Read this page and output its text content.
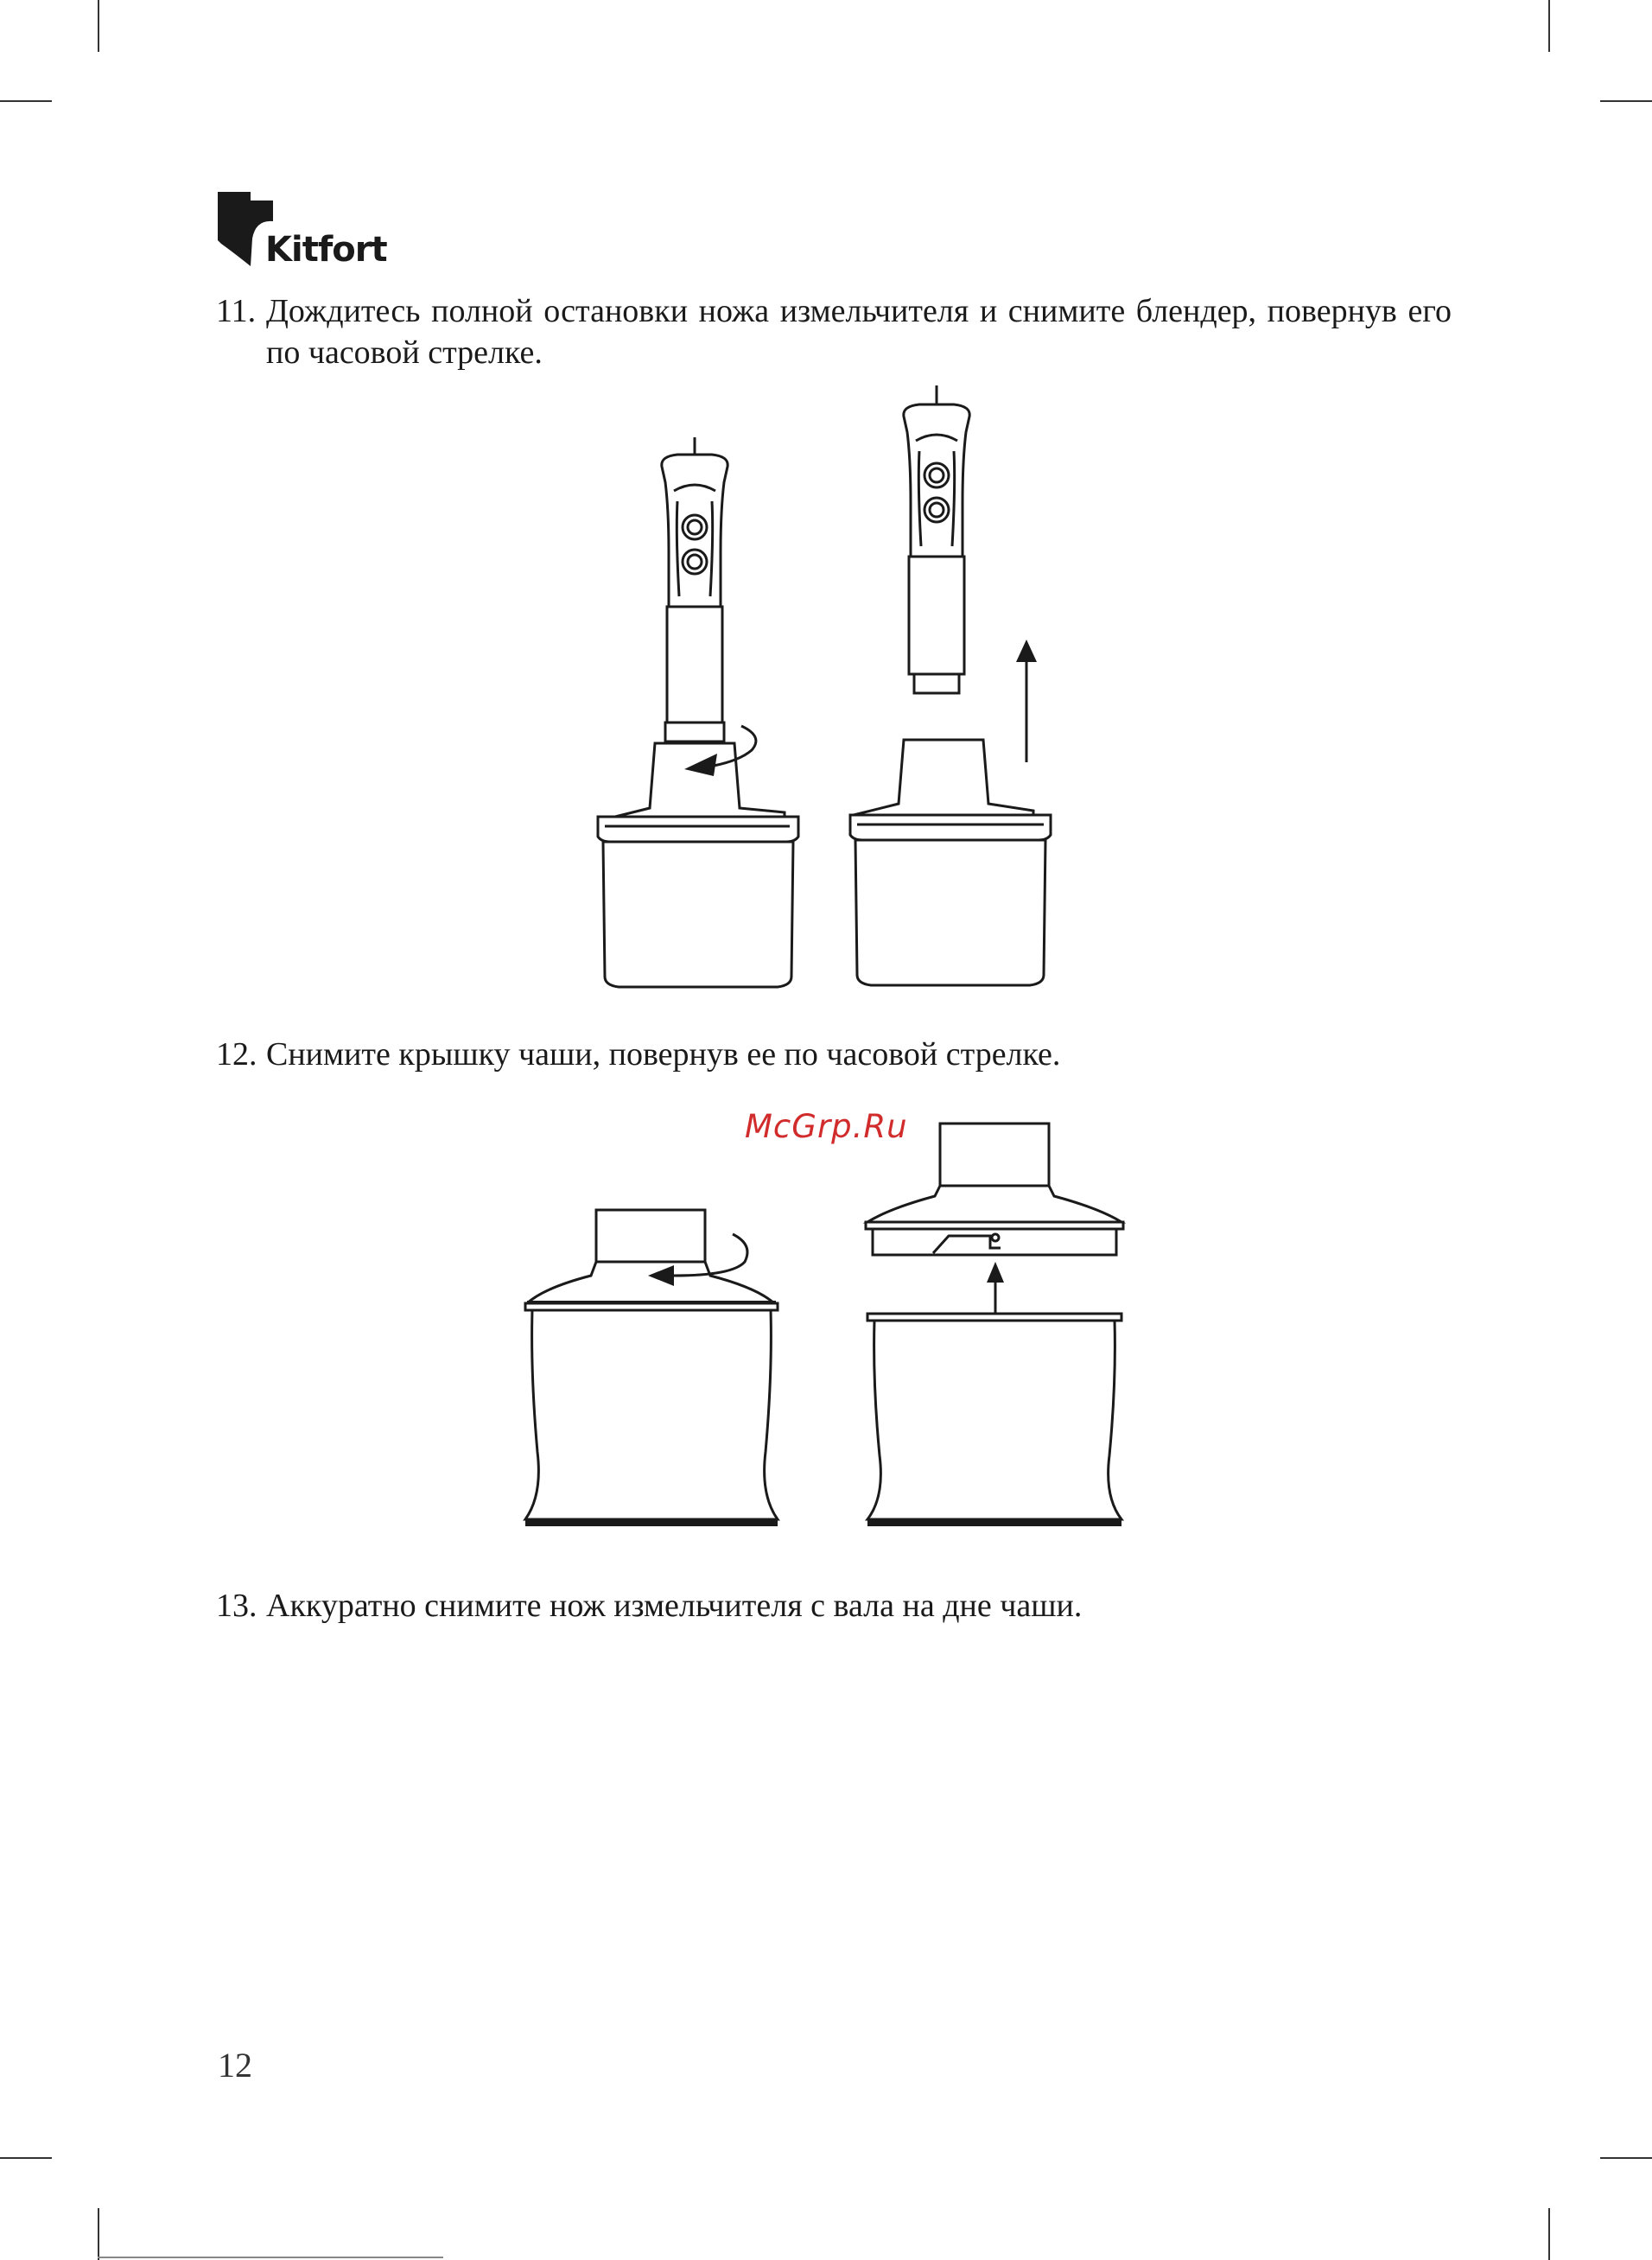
Kitfort
11. Дождитесь полной остановки ножа измельчителя и снимите блендер, повернув его по часовой стрелке.
12. Снимите крышку чаши, повернув ее по часовой стрелке.
McGrp.Ru
13. Аккуратно снимите нож измельчителя с вала на дне чаши.
12
